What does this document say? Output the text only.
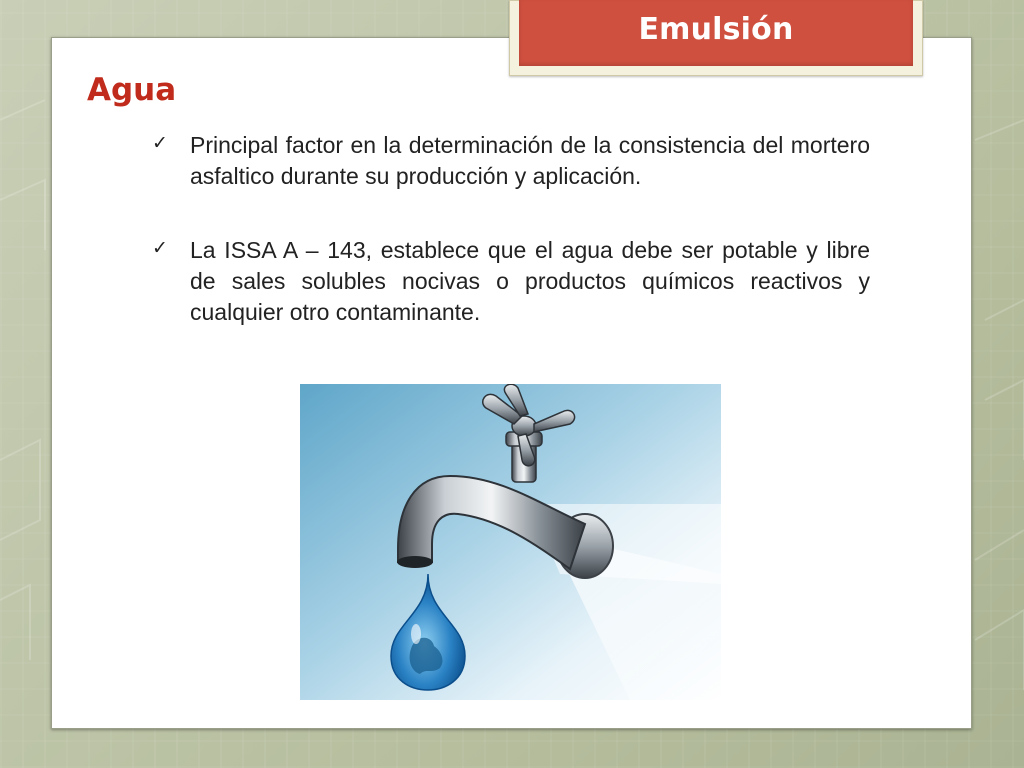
Emulsión
Agua
✓ Principal factor en la determinación de la consistencia del mortero asfaltico durante su producción y aplicación.
✓ La ISSA A – 143, establece que el agua debe ser potable y libre de sales solubles nocivas o productos químicos reactivos y cualquier otro contaminante.
